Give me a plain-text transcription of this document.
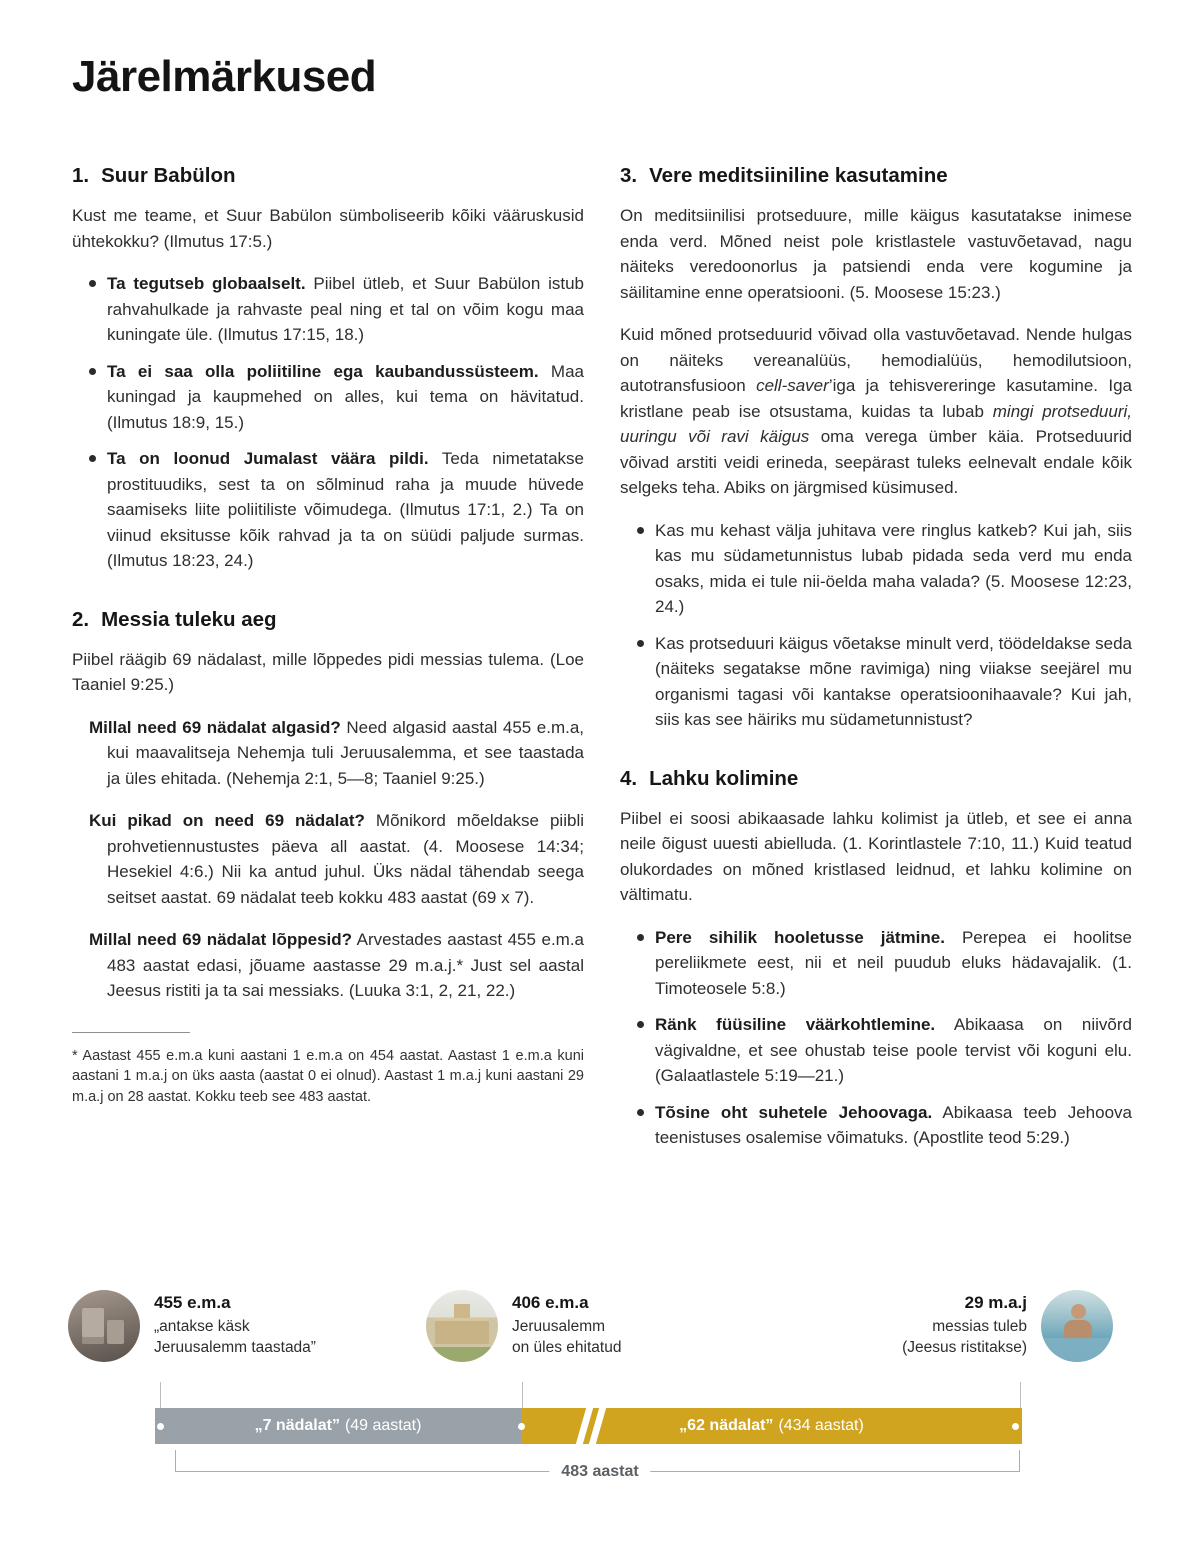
Järelmärkused
1. Suur Babülon

Kust me teame, et Suur Babülon sümboliseerib kõiki vääruskusid ühtekokku? (Ilmutus 17:5.)

Ta tegutseb globaalselt. Piibel ütleb, et Suur Babülon istub rahvahulkade ja rahvaste peal ning et tal on võim kogu maa kuningate üle. (Ilmutus 17:15, 18.)

Ta ei saa olla poliitiline ega kaubandussüsteem. Maa kuningad ja kaupmehed on alles, kui tema on hävitatud. (Ilmutus 18:9, 15.)

Ta on loonud Jumalast väära pildi. Teda nimetatakse prostituudiks, sest ta on sõlminud raha ja muude hüvede saamiseks liite poliitiliste võimudega. (Ilmutus 17:1, 2.) Ta on viinud eksitusse kõik rahvad ja ta on süüdi paljude surmas. (Ilmutus 18:23, 24.)

2. Messia tuleku aeg

Piibel räägib 69 nädalast, mille lõppedes pidi messias tulema. (Loe Taaniel 9:25.)

Millal need 69 nädalat algasid? Need algasid aastal 455 e.m.a, kui maavalitseja Nehemja tuli Jeruusalemma, et see taastada ja üles ehitada. (Nehemja 2:1, 5—8; Taaniel 9:25.)

Kui pikad on need 69 nädalat? Mõnikord mõeldakse piibli prohvetiennustustes päeva all aastat. (4. Moosese 14:34; Hesekiel 4:6.) Nii ka antud juhul. Üks nädal tähendab seega seitset aastat. 69 nädalat teeb kokku 483 aastat (69 x 7).

Millal need 69 nädalat lõppesid? Arvestades aastast 455 e.m.a 483 aastat edasi, jõuame aastasse 29 m.a.j.* Just sel aastal Jeesus ristiti ja ta sai messiaks. (Luuka 3:1, 2, 21, 22.)

* Aastast 455 e.m.a kuni aastani 1 e.m.a on 454 aastat. Aastast 1 e.m.a kuni aastani 1 m.a.j on üks aasta (aastat 0 ei olnud). Aastast 1 m.a.j kuni aastani 29 m.a.j on 28 aastat. Kokku teeb see 483 aastat.

3. Vere meditsiiniline kasutamine

On meditsiinilisi protseduure, mille käigus kasutatakse inimese enda verd. Mõned neist pole kristlastele vastuvõetavad, nagu näiteks veredoonorlus ja patsiendi enda vere kogumine ja säilitamine enne operatsiooni. (5. Moosese 15:23.)

Kuid mõned protseduurid võivad olla vastuvõetavad. Nende hulgas on näiteks vereanalüüs, hemodialüüs, hemodilutsioon, autotransfusioon cell-saver’iga ja tehisvereringe kasutamine. Iga kristlane peab ise otsustama, kuidas ta lubab mingi protseduuri, uuringu või ravi käigus oma verega ümber käia. Protseduurid võivad arstiti veidi erineda, seepärast tuleks eelnevalt endale kõik selgeks teha. Abiks on järgmised küsimused.

Kas mu kehast välja juhitava vere ringlus katkeb? Kui jah, siis kas mu südametunnistus lubab pidada seda verd mu enda osaks, mida ei tule nii-öelda maha valada? (5. Moosese 12:23, 24.)

Kas protseduuri käigus võetakse minult verd, töödeldakse seda (näiteks segatakse mõne ravimiga) ning viiakse seejärel mu organismi tagasi või kantakse operatsioonihaavale? Kui jah, siis kas see häiriks mu südametunnistust?

4. Lahku kolimine

Piibel ei soosi abikaasade lahku kolimist ja ütleb, et see ei anna neile õigust uuesti abielluda. (1. Korintlastele 7:10, 11.) Kuid teatud olukordades on mõned kristlased leidnud, et lahku kolimine on vältimatu.

Pere sihilik hooletusse jätmine. Perepea ei hoolitse pereliikmete eest, nii et neil puudub eluks hädavajalik. (1. Timoteosele 5:8.)

Ränk füüsiline väärkohtlemine. Abikaasa on niivõrd vägivaldne, et see ohustab teise poole tervist või koguni elu. (Galaatlastele 5:19—21.)

Tõsine oht suhetele Jehoovaga. Abikaasa teeb Jehoova teenistuses osalemise võimatuks. (Apostlite teod 5:29.)

455 e.m.a
„antakse käsk
Jeruusalemm taastada”
406 e.m.a
Jeruusalemm
on üles ehitatud
29 m.a.j
messias tuleb
(Jeesus ristitakse)
„7 nädalat” (49 aastat)	„62 nädalat” (434 aastat)
483 aastat
